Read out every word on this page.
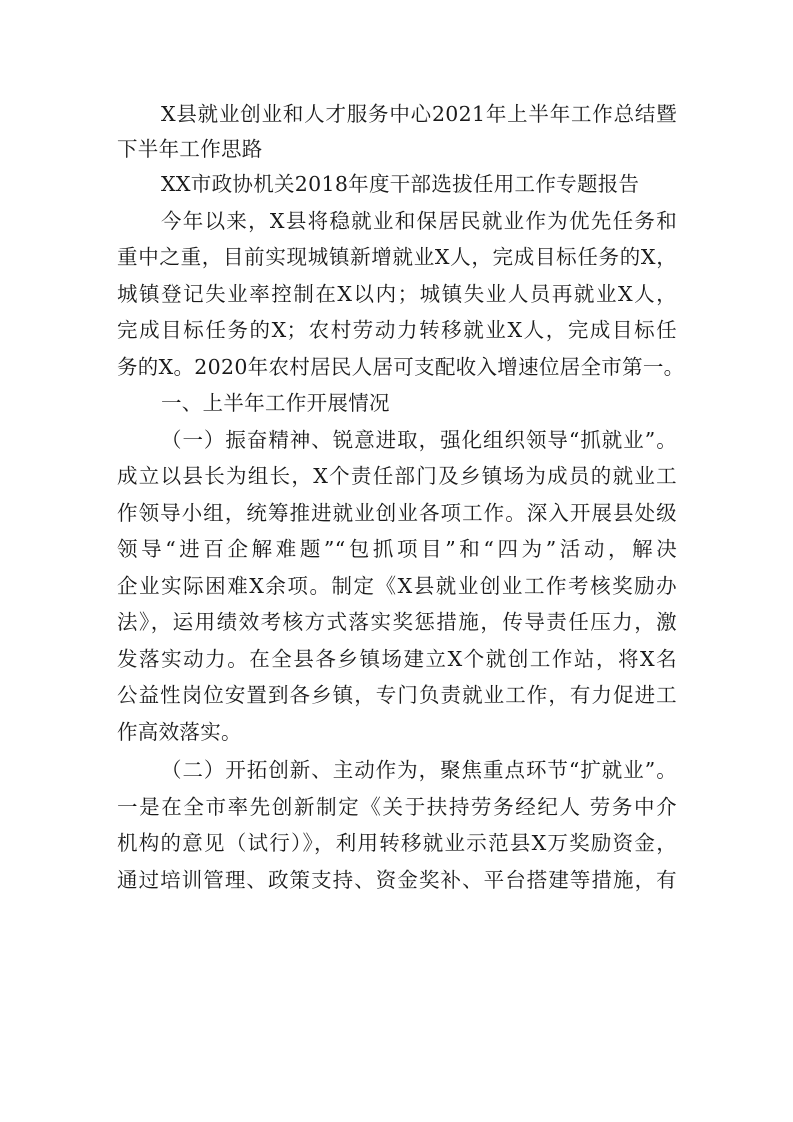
X县就业创业和人才服务中心2021年上半年工作总结暨
下半年工作思路
XX市政协机关2018年度干部选拔任用工作专题报告
今年以来，X县将稳就业和保居民就业作为优先任务和
重中之重，目前实现城镇新增就业X人，完成目标任务的X，
城镇登记失业率控制在X以内；城镇失业人员再就业X人，
完成目标任务的X；农村劳动力转移就业X人，完成目标任
务的X。2020年农村居民人居可支配收入增速位居全市第一。
一、上半年工作开展情况
（一）振奋精神、锐意进取，强化组织领导“抓就业”。
成立以县长为组长，X个责任部门及乡镇场为成员的就业工
作领导小组，统筹推进就业创业各项工作。深入开展县处级
领导“进百企解难题”“包抓项目”和“四为”活动，解决
企业实际困难X余项。制定《X县就业创业工作考核奖励办
法》，运用绩效考核方式落实奖惩措施，传导责任压力，激
发落实动力。在全县各乡镇场建立X个就创工作站，将X名
公益性岗位安置到各乡镇，专门负责就业工作，有力促进工
作高效落实。
（二）开拓创新、主动作为，聚焦重点环节“扩就业”。
一是在全市率先创新制定《关于扶持劳务经纪人 劳务中介
机构的意见（试行）》，利用转移就业示范县X万奖励资金，
通过培训管理、政策支持、资金奖补、平台搭建等措施，有
